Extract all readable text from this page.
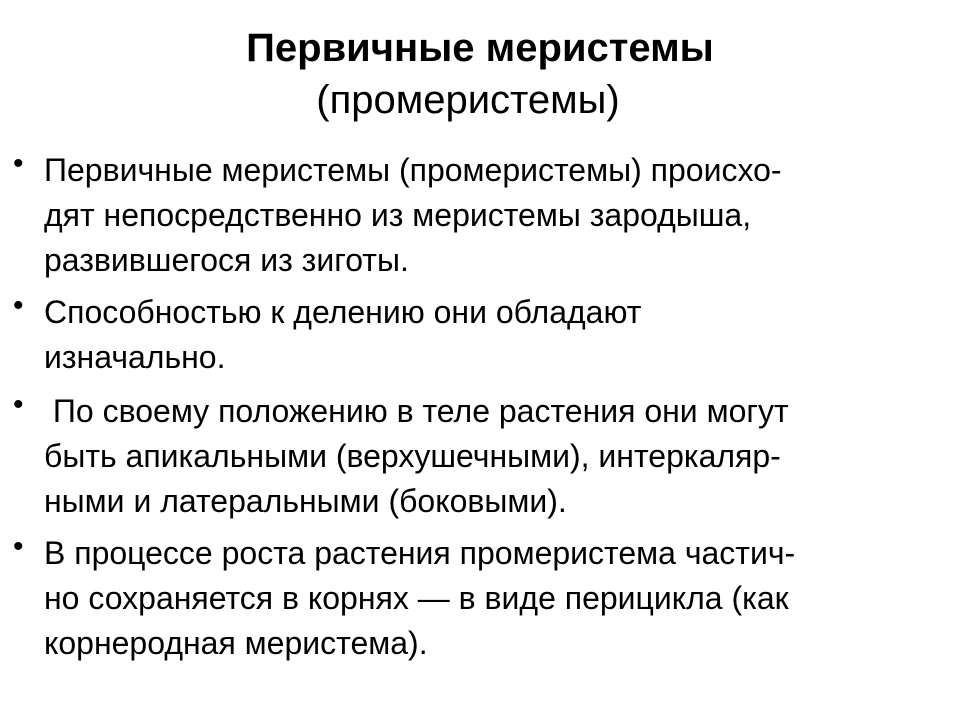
Первичные меристемы
(промеристемы)
• Первичные меристемы (промеристемы) происхо-
дят непосредственно из меристемы зародыша,
развившегося из зиготы.
• Способностью к делению они обладают
изначально.
• По своему положению в теле растения они могут
быть апикальными (верхушечными), интеркаляр-
ными и латеральными (боковыми).
• В процессе роста растения промеристема частич-
но сохраняется в корнях — в виде перицикла (как
корнеродная меристема).
